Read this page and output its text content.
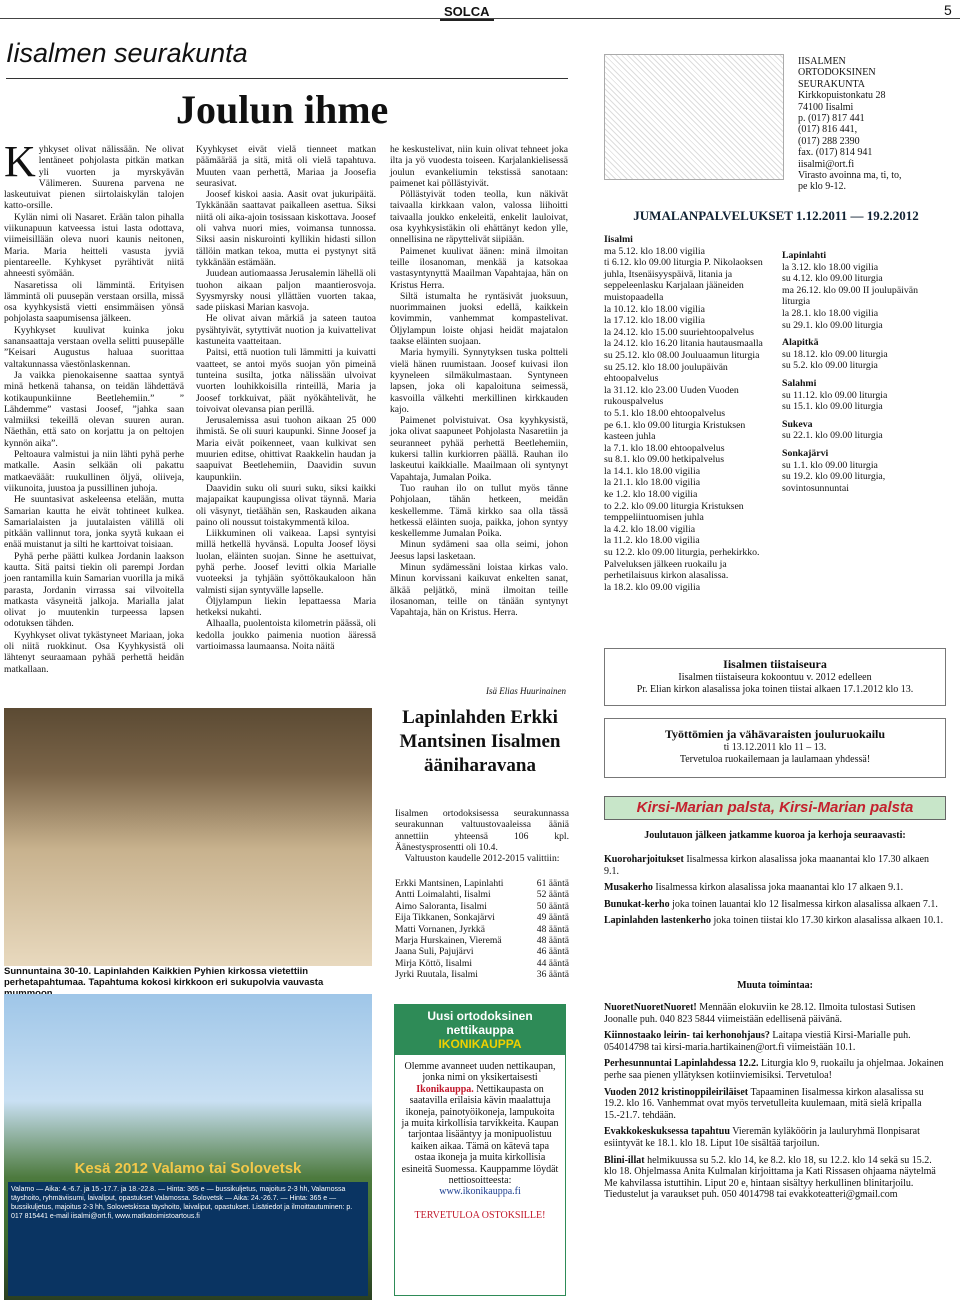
SOLCA	5
Iisalmen seurakunta
Joulun ihme

Kyhkyset olivat nälissään. Ne olivat lentäneet pohjolasta pitkän matkan yli vuorten ja myrskyävän Välimeren. Suurena parvena ne laskeutuivat pienen siirtolaiskylän talojen katto-orsille.

Kylän nimi oli Nasaret. Erään talon pihalla viikunapuun katveessa istui lasta odottava, viimeisillään oleva nuori kaunis neitonen, Maria. Maria heitteli vasusta jyviä pientareelle. Kyhkyset pyrähtivät niitä ahneesti syömään.

Nasaretissa oli lämmintä. Erityisen lämmintä oli puusepän verstaan orsilla, missä osa kyyhkysistä vietti ensimmäisen yönsä pohjolasta saapumisensa jälkeen.

Kyyhkyset kuulivat kuinka joku sanansaattaja verstaan ovella selitti puusepälle ”Keisari Augustus haluaa suorittaa valtakunnassa väestönlaskennan.

Ja vaikka pienokaisenne saattaa syntyä minä hetkenä tahansa, on teidän lähdettävä kotikaupunkiinne Beetlehemiin.” ” Lähdemme” vastasi Joosef, ”jahka saan valmiiksi tekeillä olevan suuren auran. Näethän, että sato on korjattu ja on peltojen kynnön aika”.

Peltoaura valmistui ja niin lähti pyhä perhe matkalle. Aasin selkään oli pakattu matkaevääät: ruukullinen öljyä, oliiveja, viikunoita, juustoa ja pussillinen juhoja.

He suuntasivat askeleensa etelään, mutta Samarian kautta he eivät tohtineet kulkea. Samarialaisten ja juutalaisten välillä oli pitkään vallinnut tora, jonka syytä kukaan ei enää muistanut ja silti he karttoivat toisiaan.

Pyhä perhe päätti kulkea Jordanin laakson kautta. Sitä paitsi tiekin oli parempi Jordan joen rantamilla kuin Samarian vuorilla ja mikä parasta, Jordanin virrassa sai vilvoitella matkasta väsyneitä jalkoja. Marialla jalat olivat jo muutenkin turpeessa lapsen odotuksen tähden.

Kyyhkyset olivat tykästyneet Mariaan, joka oli niitä ruokkinut. Osa Kyyhkysistä oli lähtenyt seuraamaan pyhää perhettä heidän matkallaan.

Kyyhkyset eivät vielä tienneet matkan päämäärää ja sitä, mitä oli vielä tapahtuva. Muuten vaan perhettä, Mariaa ja Joosefia seurasivat.

Joosef kiskoi aasia. Aasit ovat jukuripäitä. Tykkänään saattavat paikalleen asettua. Siksi niitä oli aika-ajoin tosissaan kiskottava. Joosef oli vahva nuori mies, voimansa tunnossa. Siksi aasin niskurointi kyllikin hidasti sillon tällöin matkan tekoa, mutta ei pystynyt sitä tykkänään estämään.

Juudean autiomaassa Jerusalemin lähellä oli tuohon aikaan paljon maantierosvoja. Syysmyrsky nousi yllättäen vuorten takaa, sade piiskasi Marian kasvoja.

He olivat aivan märkiä ja sateen tautoa pysähtyivät, sytyttivät nuotion ja kuivattelivat kastuneita vaatteitaan.

Paitsi, että nuotion tuli lämmitti ja kuivatti vaatteet, se antoi myös suojan yön pimeinä tunteina susilta, jotka nälissään ulvoivat vuorten louhikkoisilla rinteillä, Maria ja Joosef torkkuivat, päät nyökähtelivät, he toivoivat olevansa pian perillä.

Jerusalemissa asui tuohon aikaan 25 000 ihmistä. Se oli suuri kaupunki. Sinne Joosef ja Maria eivät poikenneet, vaan kulkivat sen muurien editse, ohittivat Raakkelin haudan ja saapuivat Beetlehemiin, Daavidin suvun kaupunkiin.

Daavidin suku oli suuri suku, siksi kaikki majapaikat kaupungissa olivat täynnä. Maria oli väsynyt, tietäähän sen, Raskauden aikana paino oli noussut toistakymmentä kiloa.

Liikkuminen oli vaikeaa. Lapsi syntyisi millä hetkellä hyvänsä. Lopulta Joosef löysi luolan, eläinten suojan. Sinne he asettuivat, pyhä perhe. Joosef levitti olkia Marialle vuoteeksi ja tyhjään syöttökaukaloon hän valmisti sijan syntyvälle lapselle.

Öljylampun liekin lepattaessa Maria hetkeksi nukahti.

Alhaalla, puolentoista kilometrin päässä, oli kedolla joukko paimenia nuotion ääressä vartioimassa laumaansa. Noita näitä

he keskustelivat, niin kuin olivat tehneet joka ilta ja yö vuodesta toiseen. Karjalankielisessä joulun evankeliumin tekstissä sanotaan: paimenet kai pöllästyivät.

Pöllästyivät toden teolla, kun näkivät taivaalla kirkkaan valon, valossa liihoitti taivaalla joukko enkeleitä, enkelit lauloivat, osa kyyhkysistäkin oli ehättänyt kedon ylle, onnellisina ne räpyttelivät siipiään.

Paimenet kuulivat äänen: minä ilmoitan teille ilosanoman, menkää ja katsokaa vastasyntynyttä Maailman Vapahtajaa, hän on Kristus Herra.

Siltä istumalta he ryntäsivät juoksuun, nuorimmainen juoksi edellä, kaikkein kovimmin, vanhemmat kompastelivat. Öljylampun loiste ohjasi heidät majatalon taakse eläinten suojaan.

Maria hymyili. Synnytyksen tuska poltteli vielä hänen ruumistaan. Joosef kuivasi ilon kyyneleen silmäkulmastaan. Syntyneen lapsen, joka oli kapaloituna seimessä, kasvoilla välkehti merkillinen kirkkauden kajo.

Paimenet polvistuivat. Osa kyyhkysistä, joka olivat saapuneet Pohjolasta Nasaretiin ja seuranneet pyhää perhettä Beetlehemiin, kukersi tallin kurkiorren päällä. Rauhan ilo laskeutui kaikkialle. Maailmaan oli syntynyt Vapahtaja, Jumalan Poika.

Tuo rauhan ilo on tullut myös tänne Pohjolaan, tähän hetkeen, meidän keskellemme. Tämä kirkko saa olla tässä hetkessä eläinten suoja, paikka, johon syntyy keskellemme Jumalan Poika.

Minun sydämeni saa olla seimi, johon Jeesus lapsi lasketaan.

Minun sydämessäni loistaa kirkas valo. Minun korvissani kaikuvat enkelten sanat, älkää peljätkö, minä ilmoitan teille ilosanoman, teille on tänään syntynyt Vapahtaja, hän on Kristus. Herra.

Isä Elias Huurinainen
Sunnuntaina 30-10. Lapinlahden Kaikkien Pyhien kirkossa vietettiin perhetapahtumaa. Tapahtuma kokosi kirkkoon eri sukupolvia vauvasta
Kesä 2012 Valamo tai Solovetsk
Valamo — Aika: 4.-6.7. ja 15.-17.7. ja 18.-22.8. — Hinta: 365 e — bussikuljetus, majoitus 2-3 hh, Valamossa täyshoito, ryhmäviisumi, laivaliput, opastukset Valamossa. Solovetsk — Aika: 24.-26.7. — Hinta: 365 e — bussikuljetus, majoitus 2-3 hh, Solovetskissa täyshoito, laivaliput, opastukset. Lisätiedot ja ilmoittautuminen: p. 017 815441 e-mail iisalmi@ort.fi, www.matkatoimistoartous.fi
Lapinlahden Erkki Mantsinen Iisalmen ääniharavana

Iisalmen ortodoksisessa seurakunnassa seurakunnan valtuustovaaleissa ääniä annettiin yhteensä 106 kpl. Äänestysprosentti oli 10.4.

Valtuuston kaudelle 2012-2015 valittiin:

Erkki Mantsinen, Lapinlahti	61 ääntä
Antti Loimalahti, Iisalmi	52 ääntä
Aimo Saloranta, Iisalmi	50 ääntä
Eija Tikkanen, Sonkajärvi	49 ääntä
Matti Vornanen, Jyrkkä	48 ääntä
Marja Hurskainen, Vieremä	48 ääntä
Jaana Suli, Pajujärvi	46 ääntä
Mirja Köttö, Iisalmi	44 ääntä
Jyrki Ruutala, Iisalmi	36 ääntä
Uusi ortodoksinen nettikauppa
IKONIKAUPPA
Olemme avanneet uuden nettikaupan, jonka nimi on yksikertaisesti Ikonikauppa. Nettikaupasta on saatavilla erilaisia kävin maalattuja ikoneja, painotyöikoneja, lampukoita ja muita kirkollisia tarvikkeita. Kaupan tarjontaa lisääntyy ja monipuolistuu kaiken aikaa. Tämä on kätevä tapa ostaa ikoneja ja muita kirkollisia esineitä Suomessa. Kauppamme löydät nettiosoitteesta:
www.ikonikauppa.fi
TERVETULOA OSTOKSILLE!
IISALMEN
ORTODOKSINEN
SEURAKUNTA
Kirkkopuistonkatu 28
74100 Iisalmi
p. (017) 817 441
(017) 816 441,
(017) 288 2390
fax. (017) 814 941
iisalmi@ort.fi
Virasto avoinna ma, ti, to,
pe klo 9-12.
JUMALANPALVELUKSET 1.12.2011 — 19.2.2012
Iisalmi
ma 5.12. klo 18.00 vigilia
ti 6.12. klo 09.00 liturgia P. Nikolaoksen juhla, Itsenäisyyspäivä, litania ja seppeleenlasku Karjalaan jääneiden muistopaadella
la 10.12. klo 18.00 vigilia
la 17.12. klo 18.00 vigilia
la 24.12. klo 15.00 suuriehtoopalvelus
la 24.12. klo 16.20 litania hautausmaalla
su 25.12. klo 08.00 Jouluaamun liturgia
su 25.12. klo 18.00 joulupäivän ehtoopalvelus
la 31.12. klo 23.00 Uuden Vuoden rukouspalvelus
to 5.1. klo 18.00 ehtoopalvelus
pe 6.1. klo 09.00 liturgia Kristuksen kasteen juhla
la 7.1. klo 18.00 ehtoopalvelus
su 8.1. klo 09.00 hetkipalvelus
la 14.1. klo 18.00 vigilia
la 21.1. klo 18.00 vigilia
ke 1.2. klo 18.00 vigilia
to 2.2. klo 09.00 liturgia Kristuksen temppeliintuomisen juhla
la 4.2. klo 18.00 vigilia
la 11.2. klo 18.00 vigilia
su 12.2. klo 09.00 liturgia, perhekirkko. Palveluksen jälkeen ruokailu ja perhetilaisuus kirkon alasalissa.
la 18.2. klo 09.00 vigilia
Lapinlahti
la 3.12. klo 18.00 vigilia
su 4.12. klo 09.00 liturgia
ma 26.12. klo 09.00 II joulupäivän liturgia
la 28.1. klo 18.00 vigilia
su 29.1. klo 09.00 liturgia
Alapitkä
su 18.12. klo 09.00 liturgia
su 5.2. klo 09.00 liturgia
Salahmi
su 11.12. klo 09.00 liturgia
su 15.1. klo 09.00 liturgia
Sukeva
su 22.1. klo 09.00 liturgia
Sonkajärvi
su 1.1. klo 09.00 liturgia
su 19.2. klo 09.00 liturgia, sovintosunnuntai
Iisalmen tiistaiseura
Iisalmen tiistaiseura kokoontuu v. 2012 edelleen
Pr. Elian kirkon alasalissa joka toinen tiistai alkaen 17.1.2012 klo 13.
Työttömien ja vähävaraisten jouluruokailu
ti 13.12.2011 klo 11 – 13.
Tervetuloa ruokailemaan ja laulamaan yhdessä!
Kirsi-Marian palsta, Kirsi-Marian palsta
Joulutauon jälkeen jatkamme kuoroa ja kerhoja seuraavasti:

Kuoroharjoitukset Iisalmessa kirkon alasalissa joka maanantai klo 17.30 alkaen 9.1.

Musakerho Iisalmessa kirkon alasalissa joka maanantai klo 17 alkaen 9.1.

Bunukat-kerho joka toinen lauantai klo 12 Iisalmessa kirkon alasalissa alkaen 7.1.

Lapinlahden lastenkerho joka toinen tiistai klo 17.30 kirkon alasalissa alkaen 10.1.

Muuta toimintaa:

NuoretNuoretNuoret! Mennään elokuviin ke 28.12. Ilmoita tulostasi Sutisen Joonalle puh. 040 823 5844 viimeistään edellisenä päivänä.

Kiinnostaako leirin- tai kerhonohjaus? Laitapa viestiä Kirsi-Marialle puh. 054014798 tai kirsi-maria.hartikainen@ort.fi viimeistään 10.1.

Perhesunnuntai Lapinlahdessa 12.2. Liturgia klo 9, ruokailu ja ohjelmaa. Jokainen perhe saa pienen yllätyksen kotiinviemisiksi. Tervetuloa!

Vuoden 2012 kristinoppileiriläiset Tapaaminen Iisalmessa kirkon alasalissa su 19.2. klo 16. Vanhemmat ovat myös tervetulleita kuulemaan, mitä sielä kripalla 15.-21.7. tehdään.

Evakkokeskuksessa tapahtuu Vieremän kyläköörin ja lauluryhmä Ilonpisarat esiintyvät ke 18.1. klo 18. Liput 10e sisältää tarjoilun.

Blini-illat helmikuussa su 5.2. klo 14, ke 8.2. klo 18, su 12.2. klo 14 sekä su 15.2. klo 18. Ohjelmassa Anita Kulmalan kirjoittama ja Kati Rissasen ohjaama näytelmä Me kahvilassa istuttihin. Liput 20 e, hintaan sisältyy herkullinen blinitarjoilu. Tiedustelut ja varaukset puh. 050 4014798 tai evakkoteatteri@gmail.com
